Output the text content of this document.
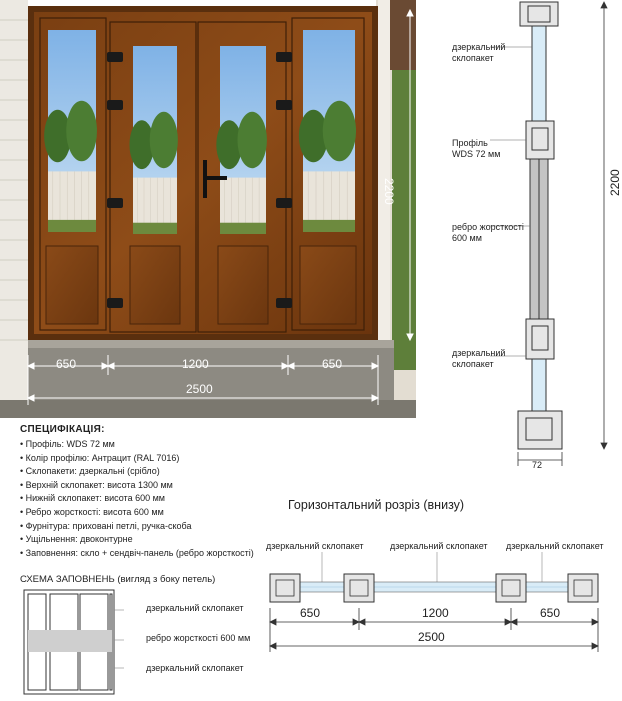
650	1200	650
2500
2200
дзеркальний
склопакет
Профіль
WDS 72 мм
ребро жорсткості
600 мм
дзеркальний
склопакет
2200
72
СПЕЦИФІКАЦІЯ:
• Профіль: WDS 72 мм
• Колір профілю: Антрацит (RAL 7016)
• Склопакети: дзеркальні (срібло)
• Верхній склопакет: висота 1300 мм
• Нижній склопакет: висота 600 мм
• Ребро жорсткості: висота 600 мм
• Фурнітура: приховані петлі, ручка-скоба
• Ущільнення: двоконтурне
• Заповнення: скло + сендвіч-панель (ребро жорсткості)
СХЕМА ЗАПОВНЕНЬ (вигляд з боку петель)
дзеркальний склопакет
ребро жорсткості 600 мм
дзеркальний склопакет
Горизонтальний розріз (внизу)
дзеркальний склопакет	дзеркальний склопакет дзеркальний склопакет
650	1200	650
2500
